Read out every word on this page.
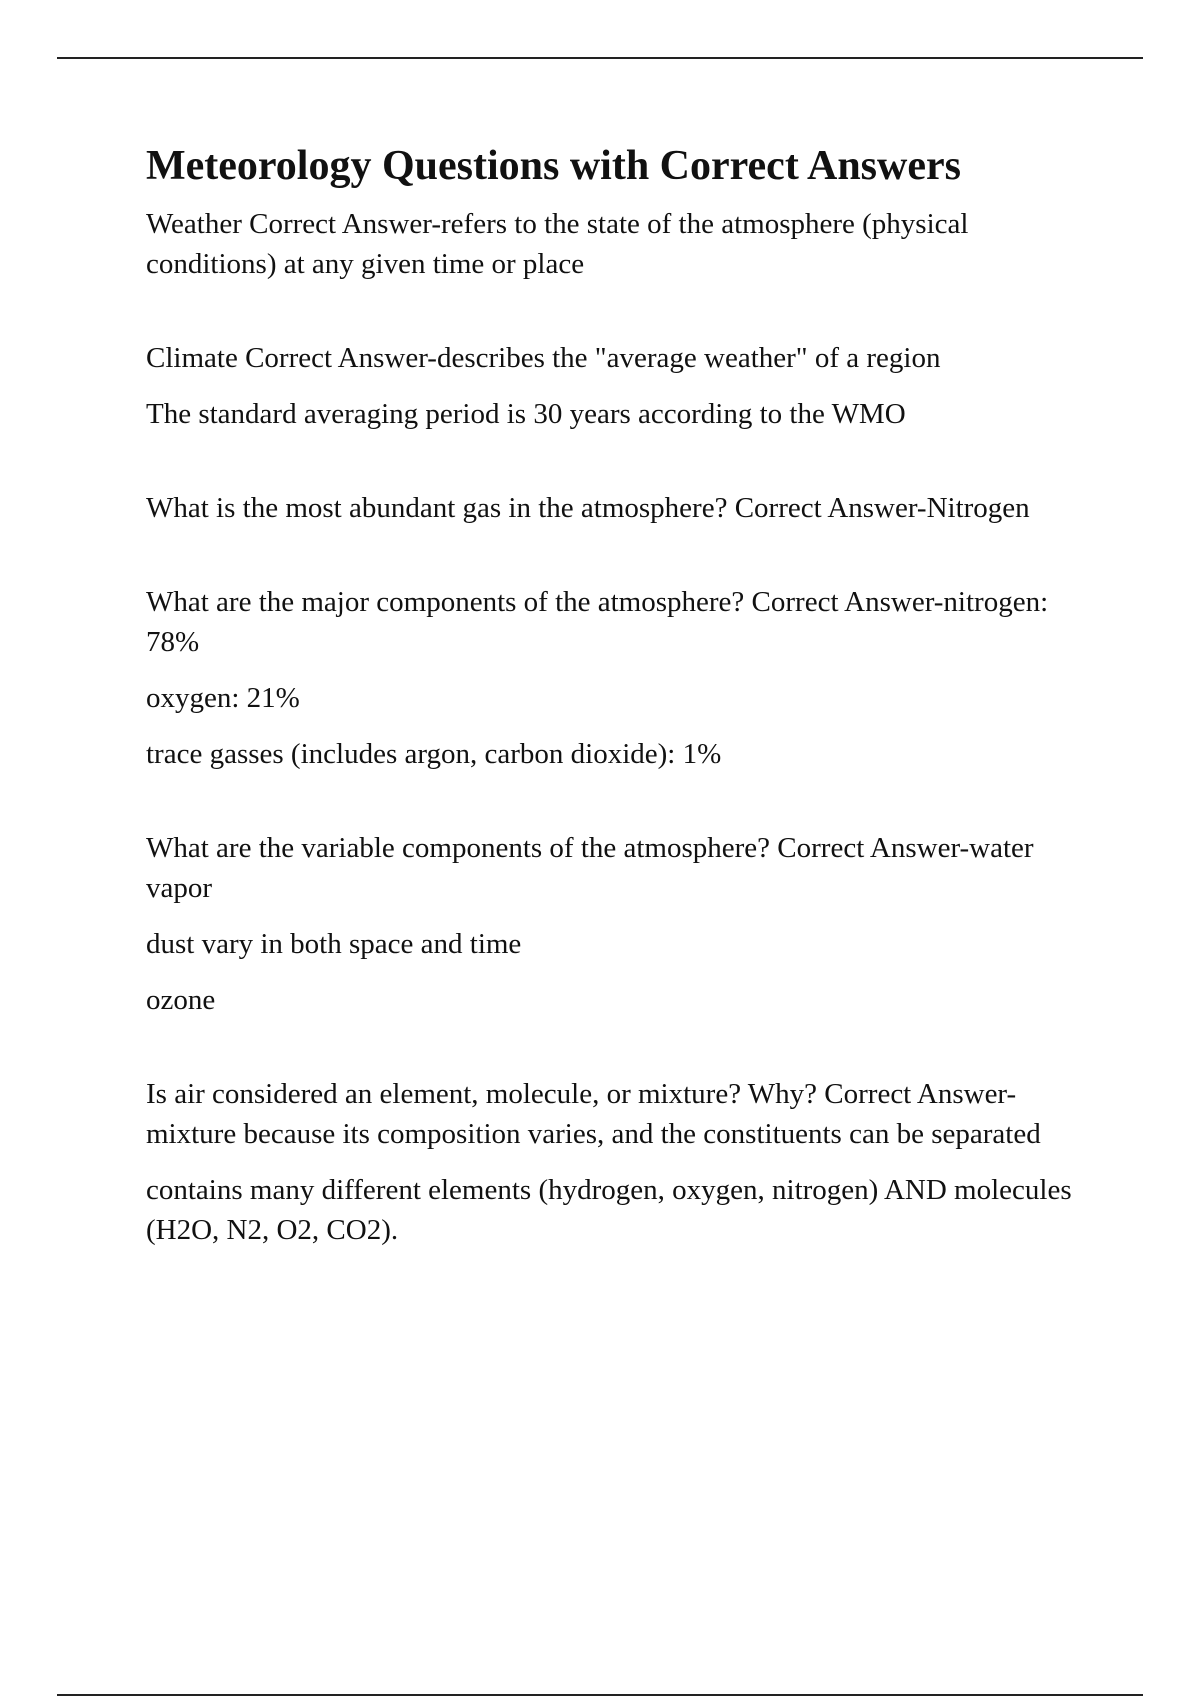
Meteorology Questions with Correct Answers

Weather Correct Answer-refers to the state of the atmosphere (physical conditions) at any given time or place

Climate Correct Answer-describes the "average weather" of a region

The standard averaging period is 30 years according to the WMO

What is the most abundant gas in the atmosphere? Correct Answer-Nitrogen

What are the major components of the atmosphere? Correct Answer-nitrogen: 78%

oxygen: 21%

trace gasses (includes argon, carbon dioxide): 1%

What are the variable components of the atmosphere? Correct Answer-water vapor

dust vary in both space and time

ozone

Is air considered an element, molecule, or mixture? Why? Correct Answer-mixture because its composition varies, and the constituents can be separated

contains many different elements (hydrogen, oxygen, nitrogen) AND molecules (H2O, N2, O2, CO2).
